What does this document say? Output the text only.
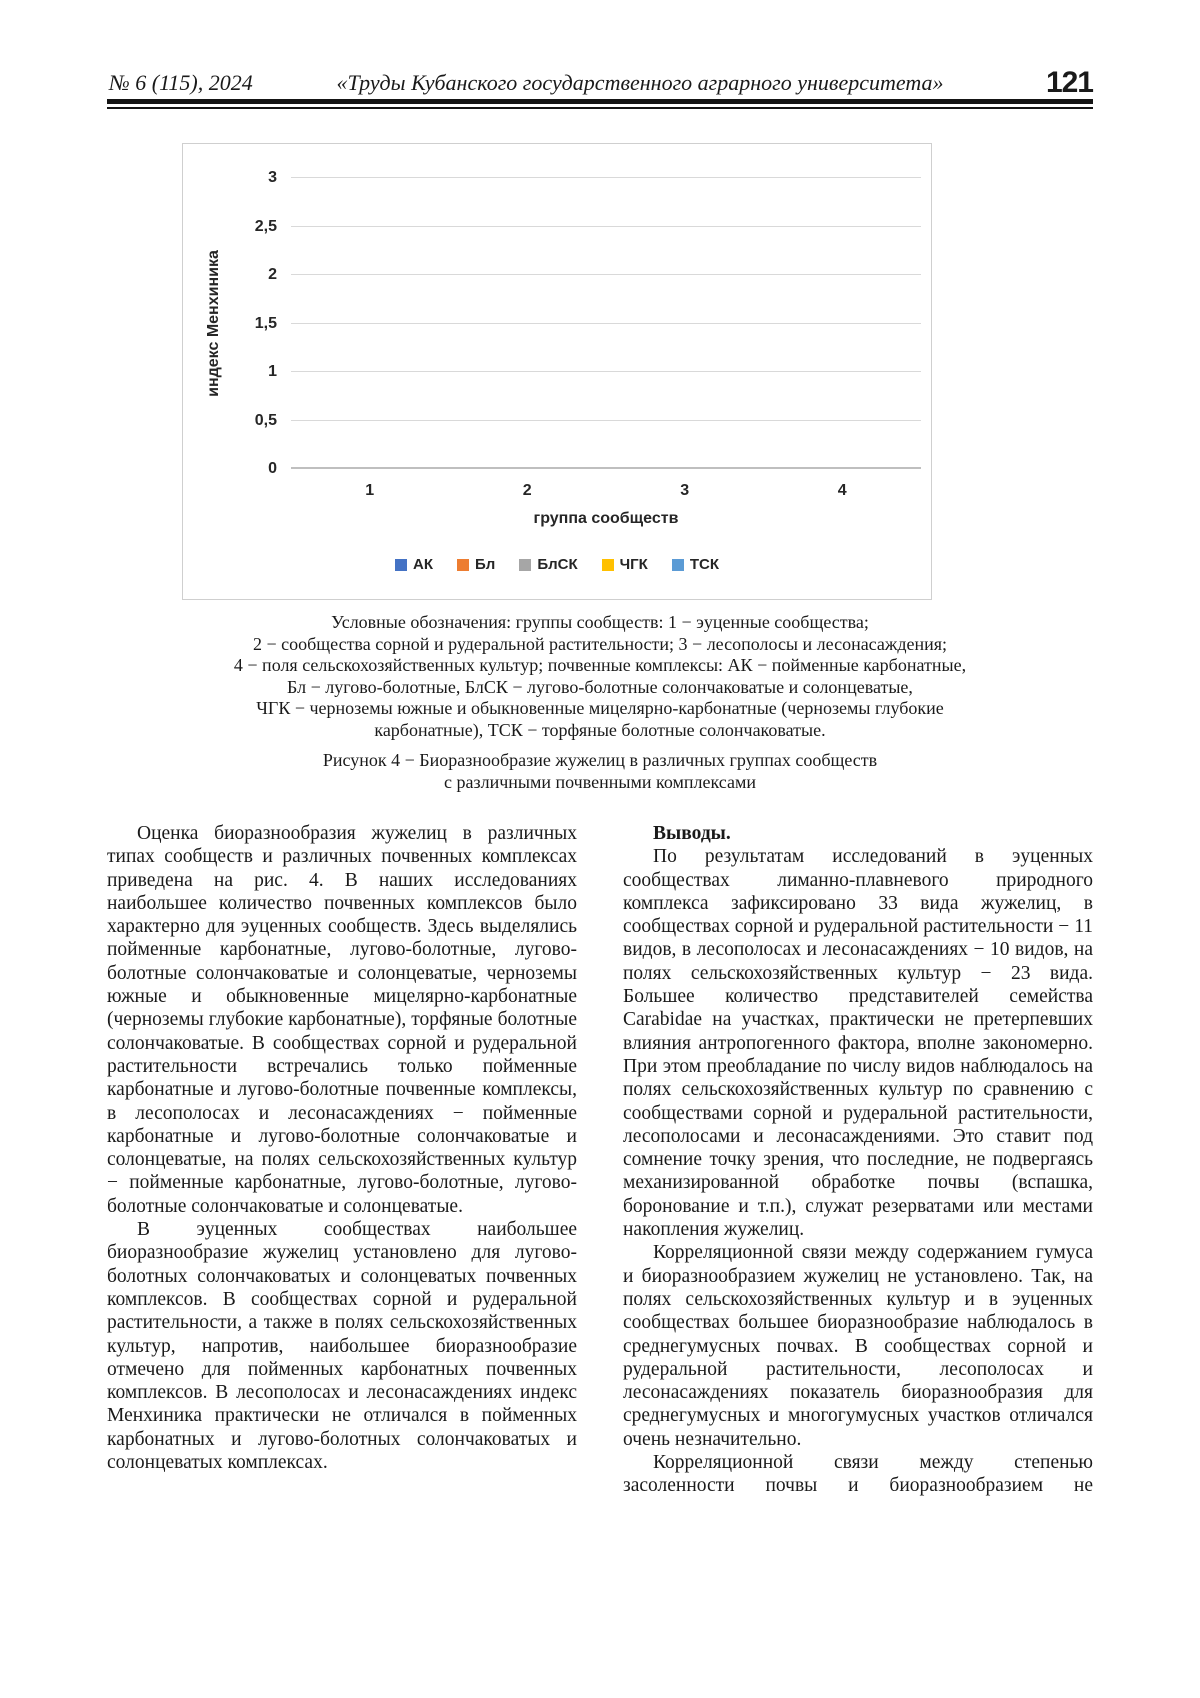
№ 6 (115), 2024	«Труды Кубанского государственного аграрного университета»	121
индекс Менхиника
0
0,5
1
1,5
2
2,5
3
1	2	3	4
группа сообществ
АК	Бл	БлСК	ЧГК	ТСК
Условные обозначения: группы сообществ: 1 − эуценные сообщества;
2 − сообщества сорной и рудеральной растительности; 3 − лесополосы и лесонасаждения;
4 − поля сельскохозяйственных культур; почвенные комплексы: АК − пойменные карбонатные,
Бл − лугово-болотные, БлСК − лугово-болотные солончаковатые и солонцеватые,
ЧГК − черноземы южные и обыкновенные мицелярно-карбонатные (черноземы глубокие
карбонатные), ТСК − торфяные болотные солончаковатые.
Рисунок 4 − Биоразнообразие жужелиц в различных группах сообществ
с различными почвенными комплексами

Оценка биоразнообразия жужелиц в различных типах сообществ и различных почвенных комплексах приведена на рис. 4. В наших исследованиях наибольшее количество почвенных комплексов было характерно для эуценных сообществ. Здесь выделялись пойменные карбонатные, лугово-болотные, лугово-болотные солончаковатые и солонцеватые, черноземы южные и обыкновенные мицелярно-карбонатные (черноземы глубокие карбонатные), торфяные болотные солончаковатые. В сообществах сорной и рудеральной растительности встречались только пойменные карбонатные и лугово-болотные почвенные комплексы, в лесополосах и лесонасаждениях − пойменные карбонатные и лугово-болотные солончаковатые и солонцеватые, на полях сельскохозяйственных культур − пойменные карбонатные, лугово-болотные, лугово-болотные солончаковатые и солонцеватые.

В эуценных сообществах наибольшее биоразнообразие жужелиц установлено для лугово-болотных солончаковатых и солонцеватых почвенных комплексов. В сообществах сорной и рудеральной растительности, а также в полях сельскохозяйственных культур, напротив, наибольшее биоразнообразие отмечено для пойменных карбонатных почвенных комплексов. В лесополосах и лесонасаждениях индекс Менхиника практически не отличался в пойменных карбонатных и лугово-болотных солончаковатых и солонцеватых комплексах.

Выводы.

По результатам исследований в эуценных сообществах лиманно-плавневого природного комплекса зафиксировано 33 вида жужелиц, в сообществах сорной и рудеральной растительности − 11 видов, в лесополосах и лесонасаждениях − 10 видов, на полях сельскохозяйственных культур − 23 вида. Большее количество представителей семейства Carabidae на участках, практически не претерпевших влияния антропогенного фактора, вполне закономерно. При этом преобладание по числу видов наблюдалось на полях сельскохозяйственных культур по сравнению с сообществами сорной и рудеральной растительности, лесополосами и лесонасаждениями. Это ставит под сомнение точку зрения, что последние, не подвергаясь механизированной обработке почвы (вспашка, боронование и т.п.), служат резерватами или местами накопления жужелиц.

Корреляционной связи между содержанием гумуса и биоразнообразием жужелиц не установлено. Так, на полях сельскохозяйственных культур и в эуценных сообществах большее биоразнообразие наблюдалось в среднегумусных почвах. В сообществах сорной и рудеральной растительности, лесополосах и лесонасаждениях показатель биоразнообразия для среднегумусных и многогумусных участков отличался очень незначительно.

Корреляционной связи между степенью засоленности почвы и биоразнообразием не
